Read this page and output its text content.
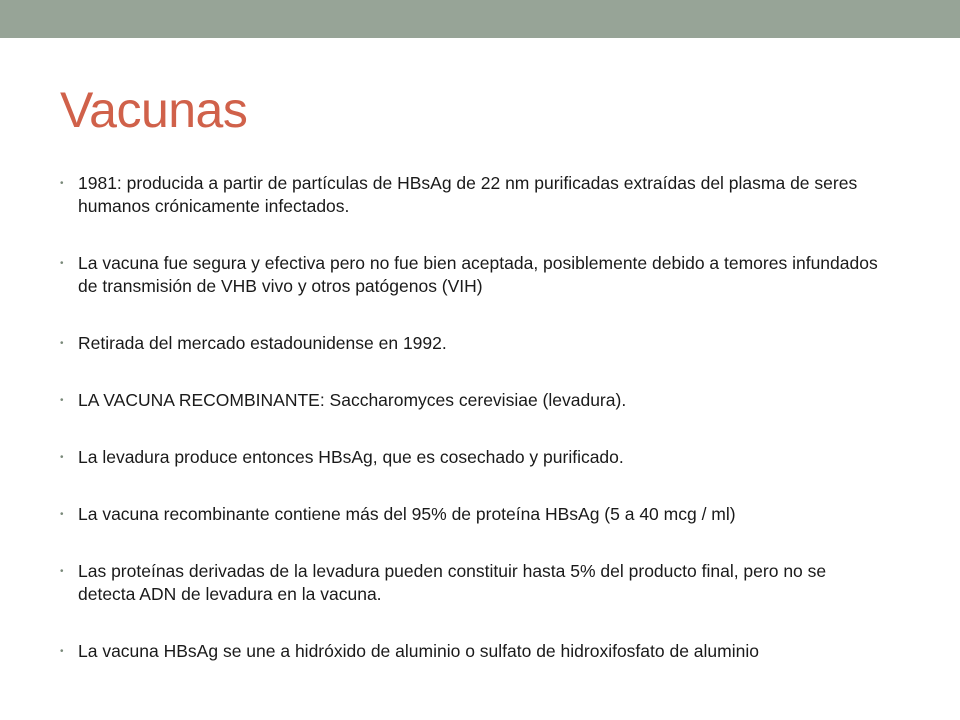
Vacunas
• 1981: producida a partir de partículas de HBsAg de 22 nm purificadas extraídas del plasma de seres humanos crónicamente infectados.
• La vacuna fue segura y efectiva pero no fue bien aceptada, posiblemente debido a temores infundados de transmisión de VHB vivo y otros patógenos (VIH)
• Retirada del mercado estadounidense en 1992.
• LA VACUNA RECOMBINANTE: Saccharomyces cerevisiae (levadura).
• La levadura produce entonces HBsAg, que es cosechado y purificado.
• La vacuna recombinante contiene más del 95% de proteína HBsAg (5 a 40 mcg / ml)
• Las proteínas derivadas de la levadura pueden constituir hasta 5% del producto final, pero no se detecta ADN de levadura en la vacuna.
• La vacuna HBsAg se une a hidróxido de aluminio o sulfato de hidroxifosfato de aluminio
